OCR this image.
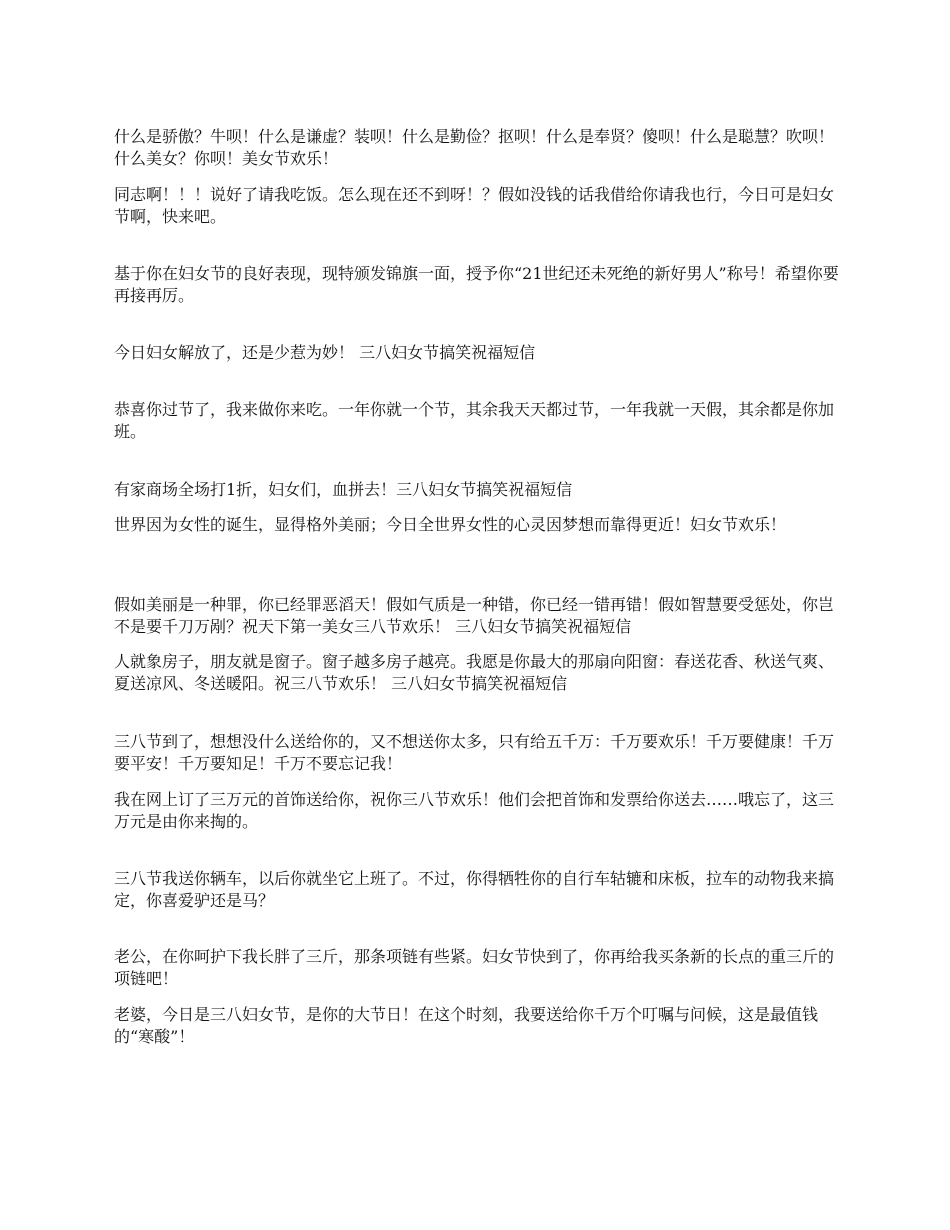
什么是骄傲？牛呗！什么是谦虚？装呗！什么是勤俭？抠呗！什么是奉贤？傻呗！什么是聪慧？吹呗！什么美女？你呗！美女节欢乐！

同志啊！！！说好了请我吃饭。怎么现在还不到呀！？假如没钱的话我借给你请我也行，今日可是妇女节啊，快来吧。

基于你在妇女节的良好表现，现特颁发锦旗一面，授予你“21世纪还未死绝的新好男人”称号！希望你要再接再厉。

今日妇女解放了，还是少惹为妙！ 三八妇女节搞笑祝福短信

恭喜你过节了，我来做你来吃。一年你就一个节，其余我天天都过节，一年我就一天假，其余都是你加班。

有家商场全场打1折，妇女们，血拼去！三八妇女节搞笑祝福短信

世界因为女性的诞生，显得格外美丽；今日全世界女性的心灵因梦想而靠得更近！妇女节欢乐！

假如美丽是一种罪，你已经罪恶滔天！假如气质是一种错，你已经一错再错！假如智慧要受惩处，你岂不是要千刀万剐？祝天下第一美女三八节欢乐！ 三八妇女节搞笑祝福短信

人就象房子，朋友就是窗子。窗子越多房子越亮。我愿是你最大的那扇向阳窗：春送花香、秋送气爽、夏送凉风、冬送暖阳。祝三八节欢乐！ 三八妇女节搞笑祝福短信

三八节到了，想想没什么送给你的，又不想送你太多，只有给五千万：千万要欢乐！千万要健康！千万要平安！千万要知足！千万不要忘记我！

我在网上订了三万元的首饰送给你，祝你三八节欢乐！他们会把首饰和发票给你送去……哦忘了，这三万元是由你来掏的。

三八节我送你辆车，以后你就坐它上班了。不过，你得牺牲你的自行车轱辘和床板，拉车的动物我来搞定，你喜爱驴还是马？

老公，在你呵护下我长胖了三斤，那条项链有些紧。妇女节快到了，你再给我买条新的长点的重三斤的项链吧！

老婆，今日是三八妇女节，是你的大节日！在这个时刻，我要送给你千万个叮嘱与问候，这是最值钱的“寒酸”！
